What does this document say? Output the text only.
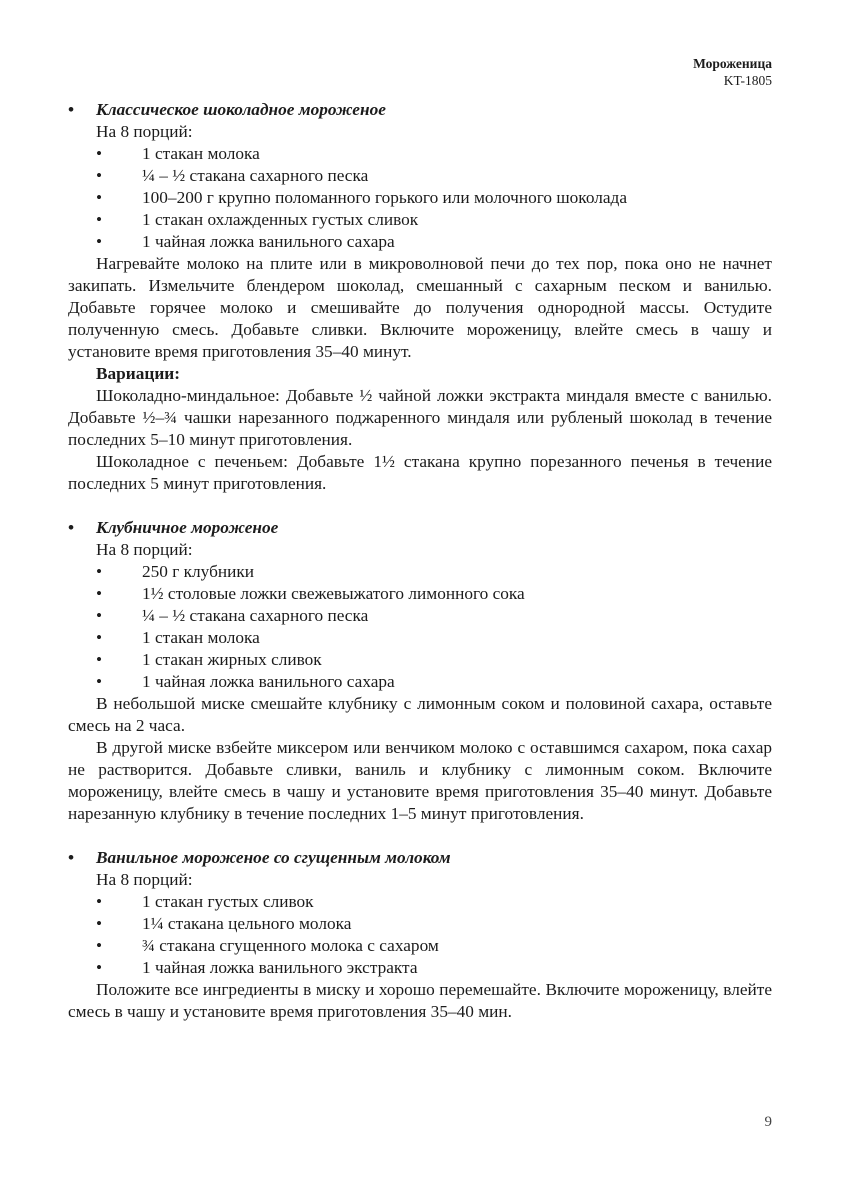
Мороженица
KT-1805
• Классическое шоколадное мороженое
На 8 порций:
• 1 стакан молока
• ¼ – ½ стакана сахарного песка
• 100–200 г крупно поломанного горького или молочного шоколада
• 1 стакан охлажденных густых сливок
• 1 чайная ложка ванильного сахара

Нагревайте молоко на плите или в микроволновой печи до тех пор, пока оно не начнет закипать. Измельчите блендером шоколад, смешанный с сахарным песком и ванилью. Добавьте горячее молоко и смешивайте до получения однородной массы. Остудите полученную смесь. Добавьте сливки. Включите мороженицу, влейте смесь в чашу и установите время приготовления 35–40 минут.

Вариации:

Шоколадно-миндальное: Добавьте ½ чайной ложки экстракта миндаля вместе с ванилью. Добавьте ½–¾ чашки нарезанного поджаренного миндаля или рубленый шоколад в течение последних 5–10 минут приготовления.

Шоколадное с печеньем: Добавьте 1½ стакана крупно порезанного печенья в течение последних 5 минут приготовления.

• Клубничное мороженое
На 8 порций:
• 250 г клубники
• 1½ столовые ложки свежевыжатого лимонного сока
• ¼ – ½ стакана сахарного песка
• 1 стакан молока
• 1 стакан жирных сливок
• 1 чайная ложка ванильного сахара

В небольшой миске смешайте клубнику с лимонным соком и половиной сахара, оставьте смесь на 2 часа.

В другой миске взбейте миксером или венчиком молоко с оставшимся сахаром, пока сахар не растворится. Добавьте сливки, ваниль и клубнику с лимонным соком. Включите мороженицу, влейте смесь в чашу и установите время приготовления 35–40 минут. Добавьте нарезанную клубнику в течение последних 1–5 минут приготовления.

• Ванильное мороженое со сгущенным молоком
На 8 порций:
• 1 стакан густых сливок
• 1¼ стакана цельного молока
• ¾ стакана сгущенного молока с сахаром
• 1 чайная ложка ванильного экстракта

Положите все ингредиенты в миску и хорошо перемешайте. Включите мороженицу, влейте смесь в чашу и установите время приготовления 35–40 мин.

9
